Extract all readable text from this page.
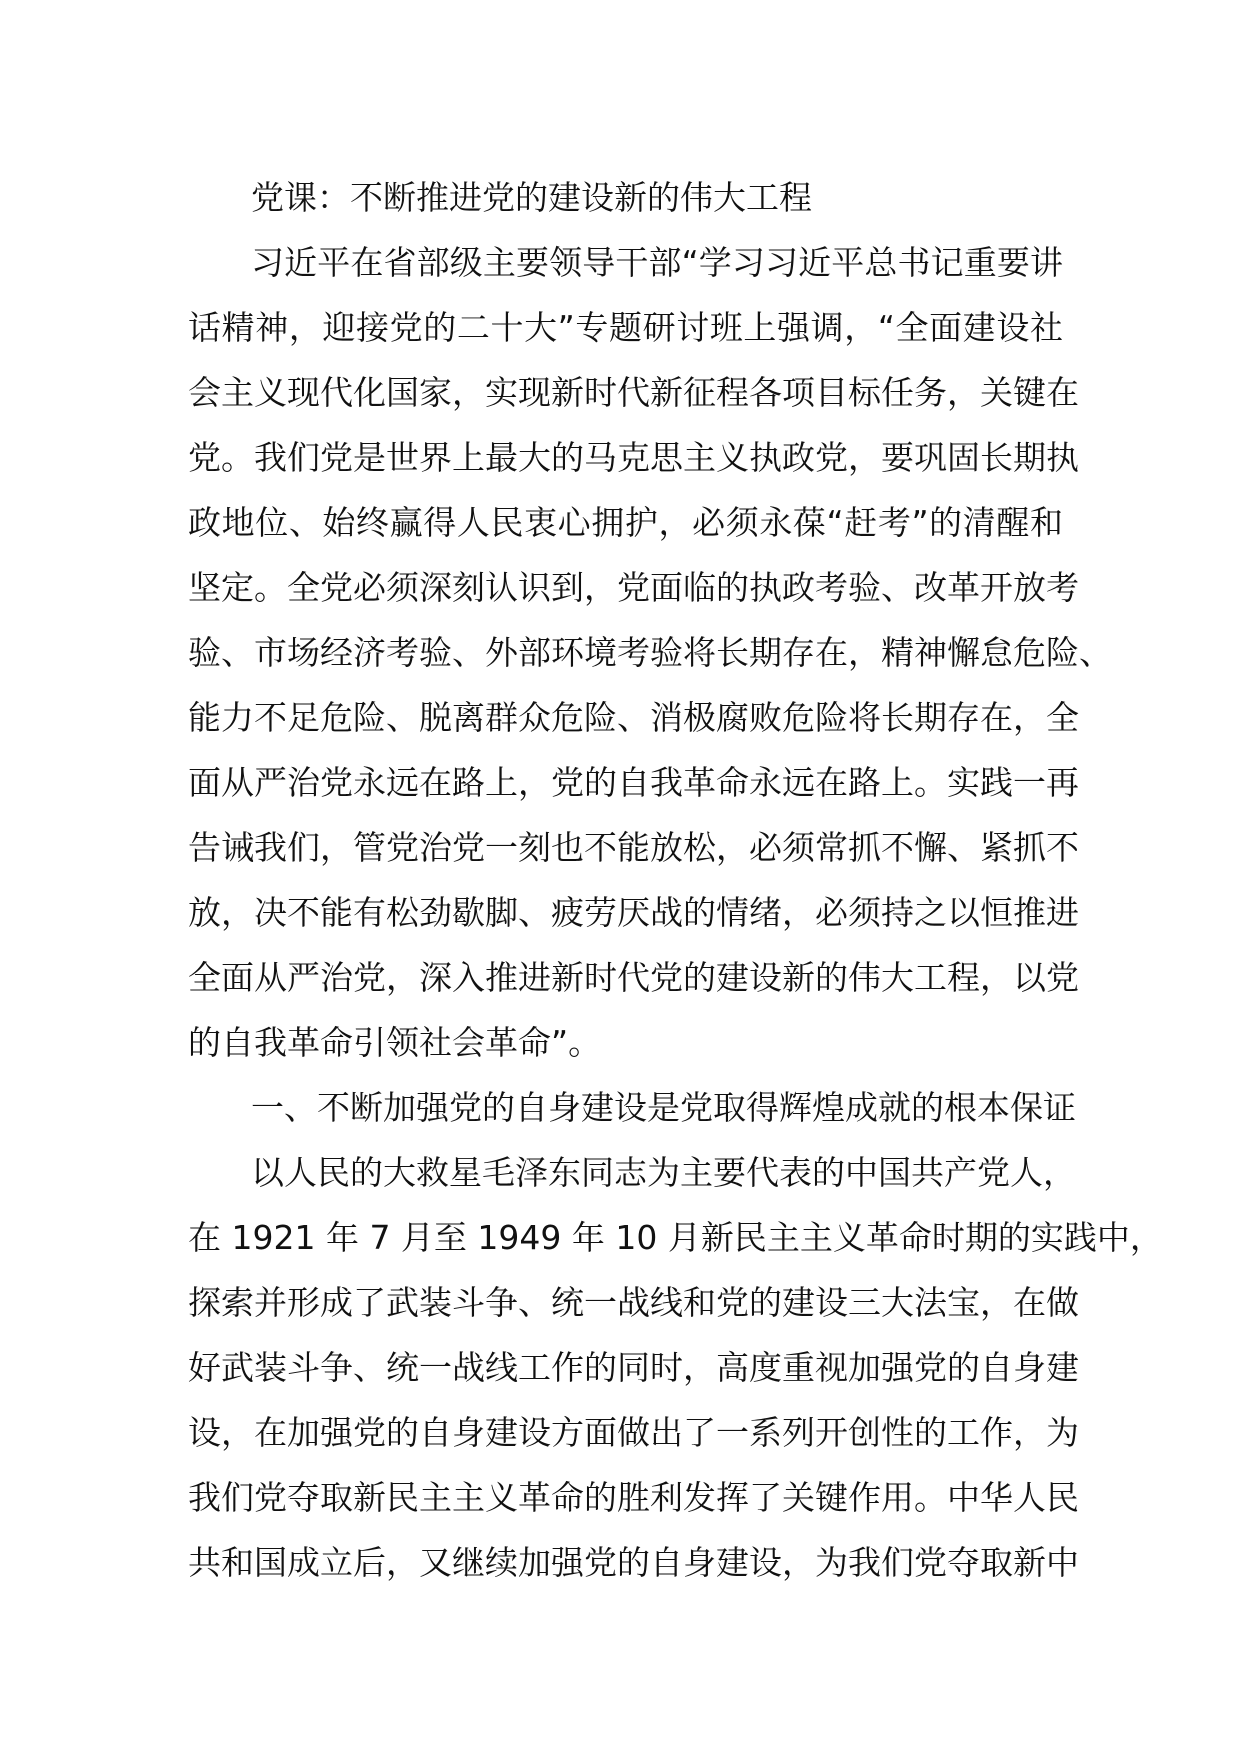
党课：不断推进党的建设新的伟大工程
习近平在省部级主要领导干部“学习习近平总书记重要讲
话精神，迎接党的二十大”专题研讨班上强调，“全面建设社
会主义现代化国家，实现新时代新征程各项目标任务，关键在
党。我们党是世界上最大的马克思主义执政党，要巩固长期执
政地位、始终赢得人民衷心拥护，必须永葆“赶考”的清醒和
坚定。全党必须深刻认识到，党面临的执政考验、改革开放考
验、市场经济考验、外部环境考验将长期存在，精神懈怠危险、
能力不足危险、脱离群众危险、消极腐败危险将长期存在，全
面从严治党永远在路上，党的自我革命永远在路上。实践一再
告诫我们，管党治党一刻也不能放松，必须常抓不懈、紧抓不
放，决不能有松劲歇脚、疲劳厌战的情绪，必须持之以恒推进
全面从严治党，深入推进新时代党的建设新的伟大工程，以党
的自我革命引领社会革命”。
一、不断加强党的自身建设是党取得辉煌成就的根本保证
以人民的大救星毛泽东同志为主要代表的中国共产党人，
在 1921 年 7 月至 1949 年 10 月新民主主义革命时期的实践中，
探索并形成了武装斗争、统一战线和党的建设三大法宝，在做
好武装斗争、统一战线工作的同时，高度重视加强党的自身建
设，在加强党的自身建设方面做出了一系列开创性的工作，为
我们党夺取新民主主义革命的胜利发挥了关键作用。中华人民
共和国成立后，又继续加强党的自身建设，为我们党夺取新中
